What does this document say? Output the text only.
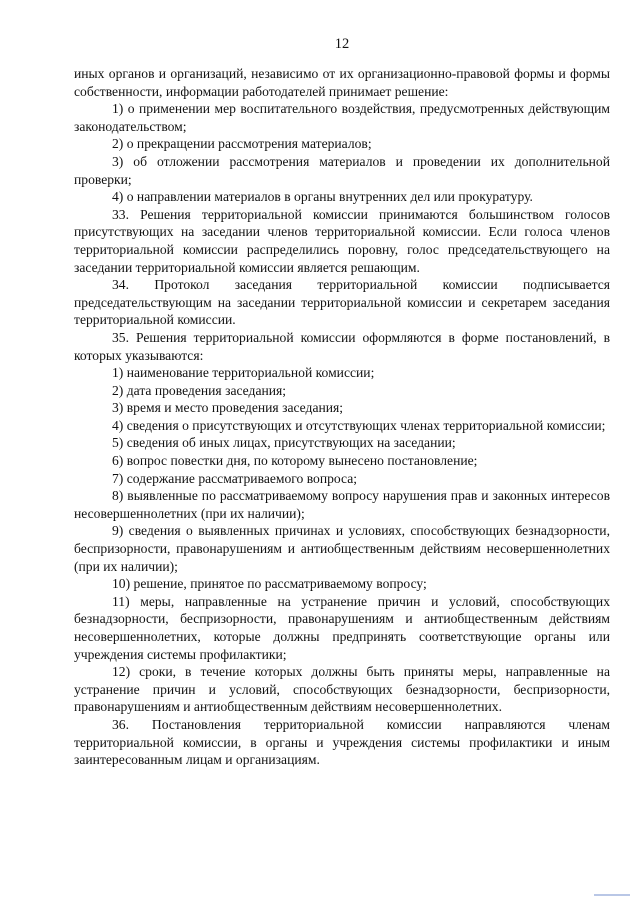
12

иных органов и организаций, независимо от их организационно-правовой формы и формы собственности, информации работодателей принимает решение:

1) о применении мер воспитательного воздействия, предусмотренных действующим законодательством;

2) о прекращении рассмотрения материалов;

3) об отложении рассмотрения материалов и проведении их дополнительной проверки;

4) о направлении материалов в органы внутренних дел или прокуратуру.

33. Решения территориальной комиссии принимаются большинством голосов присутствующих на заседании членов территориальной комиссии. Если голоса членов территориальной комиссии распределились поровну, голос председательствующего на заседании территориальной комиссии является решающим.

34. Протокол заседания территориальной комиссии подписывается председательствующим на заседании территориальной комиссии и секретарем заседания территориальной комиссии.

35. Решения территориальной комиссии оформляются в форме постановлений, в которых указываются:

1) наименование территориальной комиссии;

2) дата проведения заседания;

3) время и место проведения заседания;

4) сведения о присутствующих и отсутствующих членах территориальной комиссии;

5) сведения об иных лицах, присутствующих на заседании;

6) вопрос повестки дня, по которому вынесено постановление;

7) содержание рассматриваемого вопроса;

8) выявленные по рассматриваемому вопросу нарушения прав и законных интересов несовершеннолетних (при их наличии);

9) сведения о выявленных причинах и условиях, способствующих безнадзорности, беспризорности, правонарушениям и антиобщественным действиям несовершеннолетних (при их наличии);

10) решение, принятое по рассматриваемому вопросу;

11) меры, направленные на устранение причин и условий, способствующих безнадзорности, беспризорности, правонарушениям и антиобщественным действиям несовершеннолетних, которые должны предпринять соответствующие органы или учреждения системы профилактики;

12) сроки, в течение которых должны быть приняты меры, направленные на устранение причин и условий, способствующих безнадзорности, беспризорности, правонарушениям и антиобщественным действиям несовершеннолетних.

36. Постановления территориальной комиссии направляются членам территориальной комиссии, в органы и учреждения системы профилактики и иным заинтересованным лицам и организациям.
